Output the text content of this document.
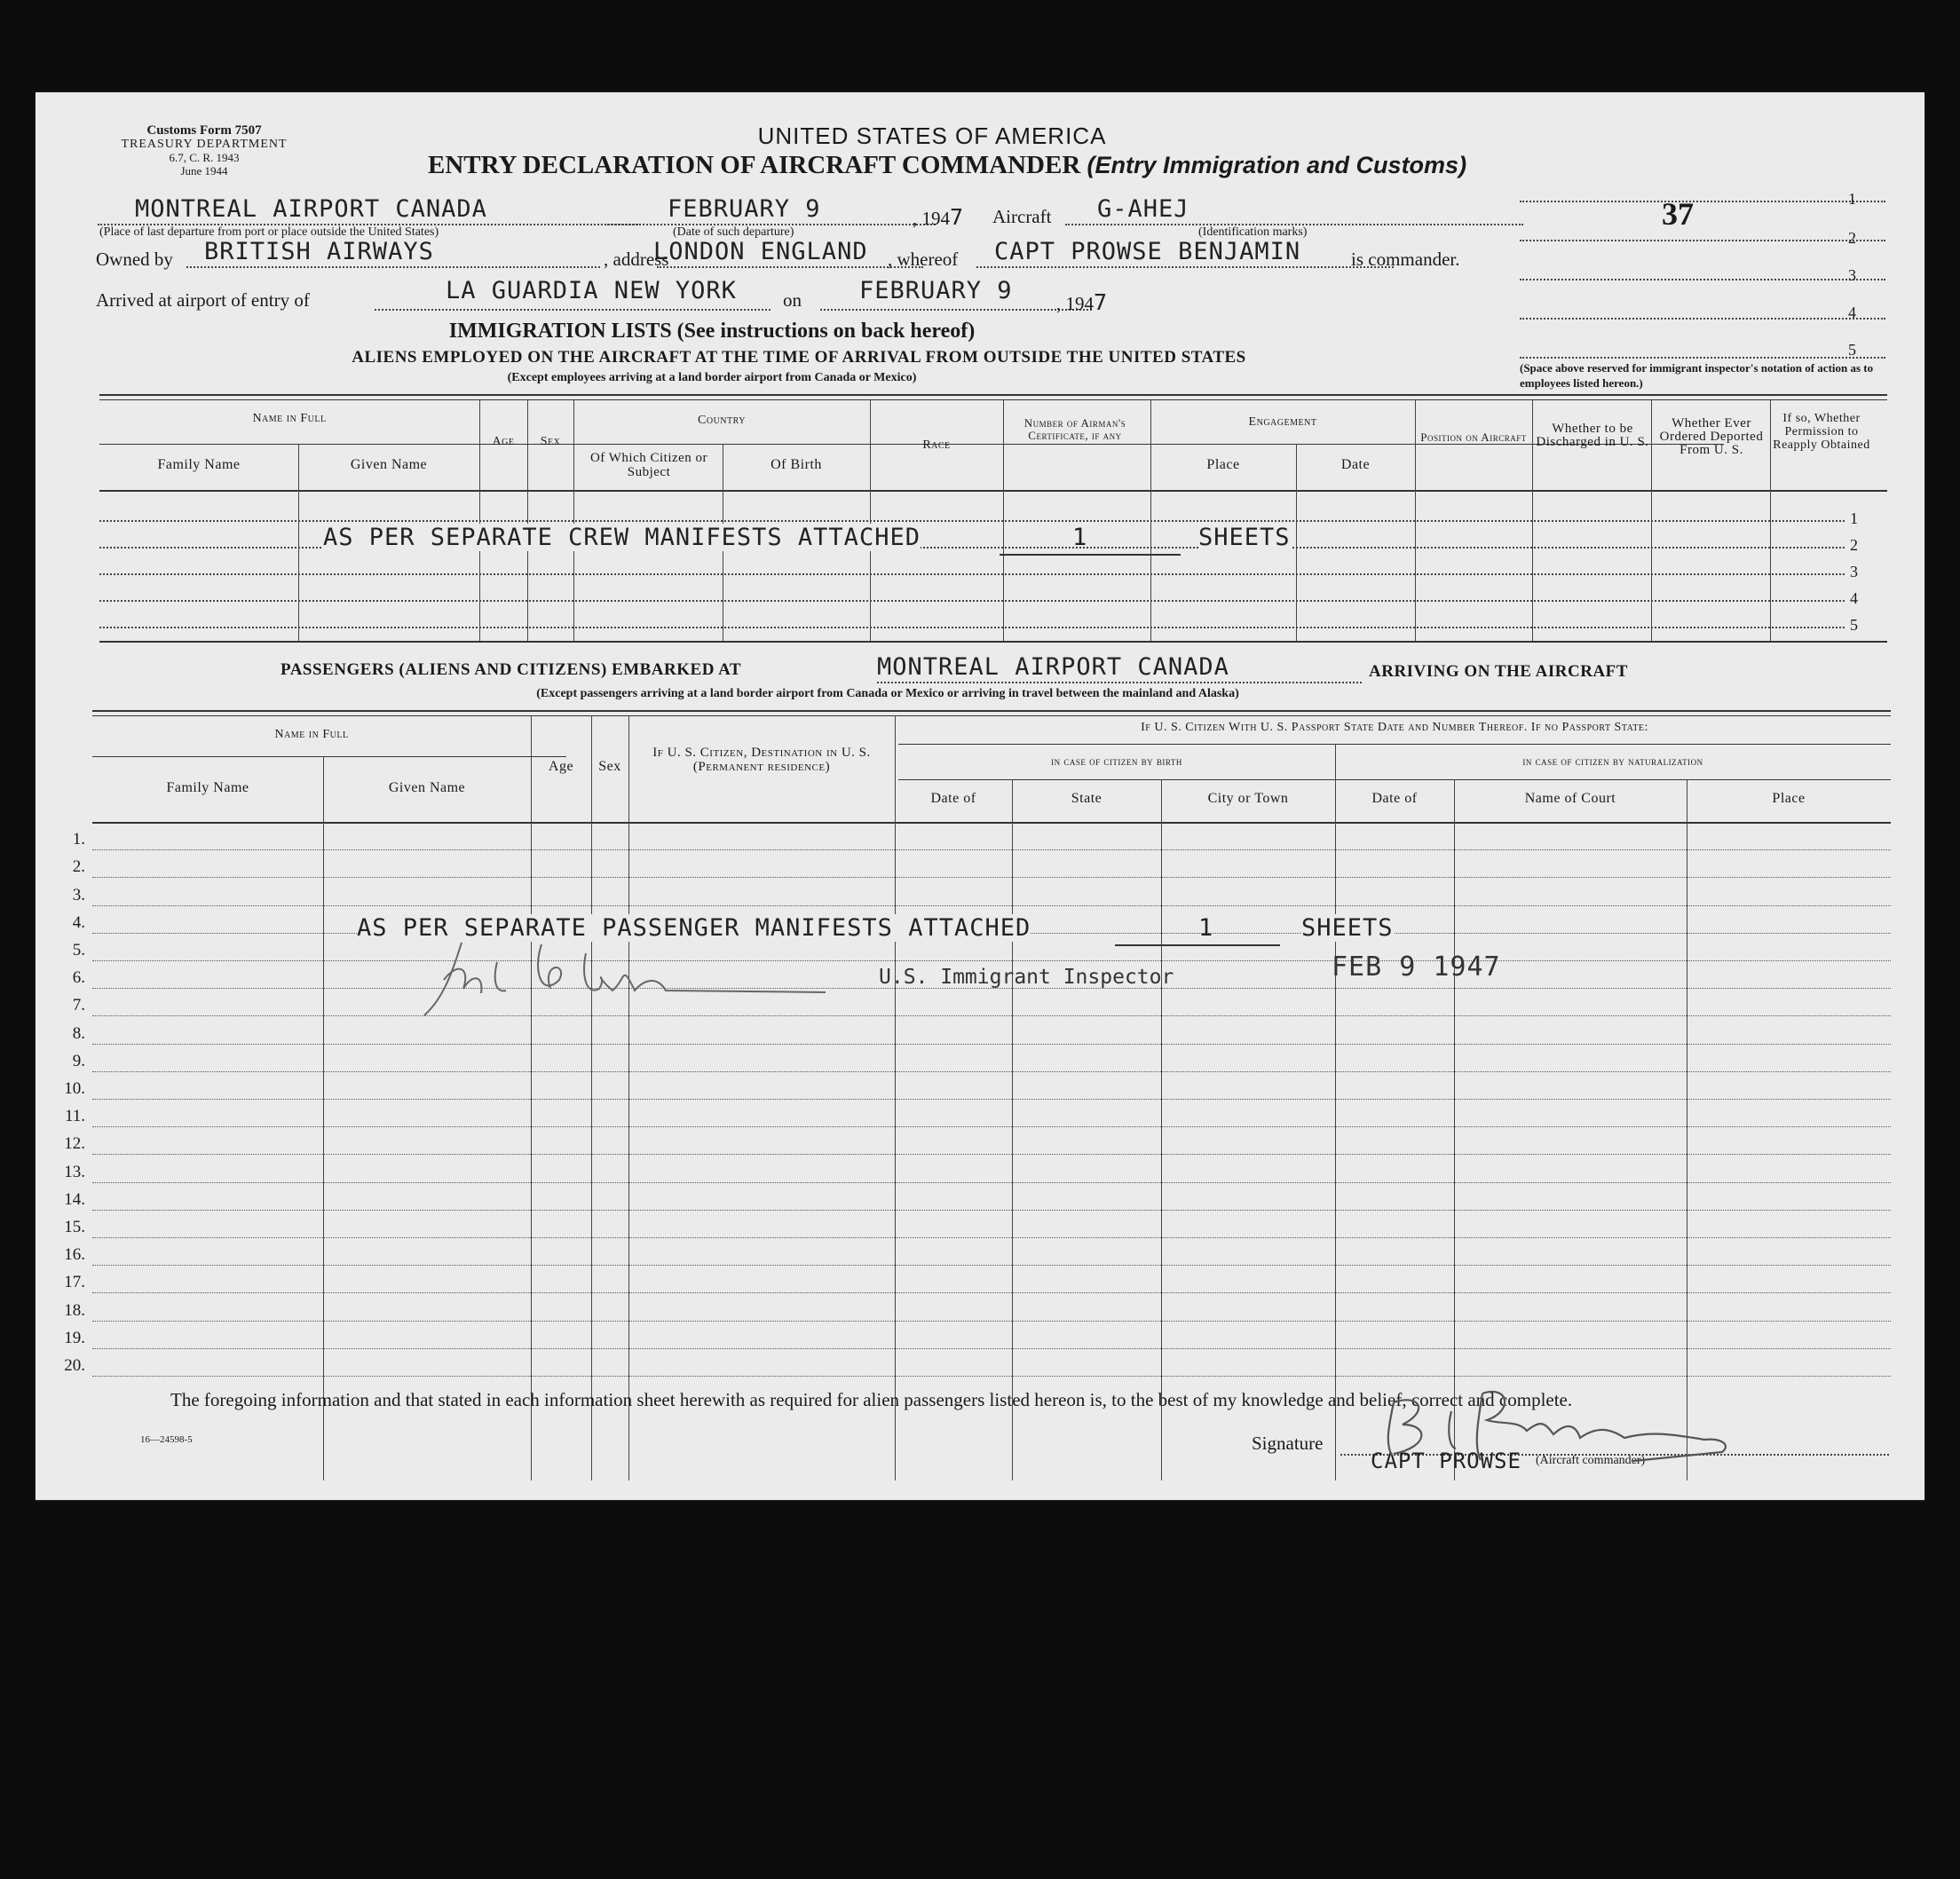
Customs Form 7507
TREASURY DEPARTMENT
6.7, C. R. 1943
June 1944
UNITED STATES OF AMERICA
ENTRY DECLARATION OF AIRCRAFT COMMANDER (Entry Immigration and Customs)
MONTREAL AIRPORT CANADA
(Place of last departure from port or place outside the United States)
FEBRUARY 9
(Date of such departure)
, 1947 Aircraft G-AHEJ
(Identification marks)
Owned by BRITISH AIRWAYS	, address
LONDON ENGLAND , whereof CAPT PROWSE BENJAMIN	is commander.
Arrived at airport of entry of	LA GUARDIA NEW YORK on FEBRUARY 9 , 1947
37	1
2
3
4
5
(Space above reserved for immigrant inspector's notation of action as to employees listed hereon.)
IMMIGRATION LISTS (See instructions on back hereof)
ALIENS EMPLOYED ON THE AIRCRAFT AT THE TIME OF ARRIVAL FROM OUTSIDE THE UNITED STATES
(Except employees arriving at a land border airport from Canada or Mexico)
Name in Full
Family Name	Given Name
Age	Sex
Country
Of Which Citizen or Subject	Of Birth
Race
Number of Airman's Certificate, if any
Engagement
Place	Date
Position on Aircraft
Whether to be Discharged in U. S.
Whether Ever Ordered Deported From U. S.
If so, Whether Permission to Reapply Obtained
1
2
3
4
5
AS PER SEPARATE CREW MANIFESTS ATTACHED	1	SHEETS
PASSENGERS (ALIENS AND CITIZENS) EMBARKED AT	MONTREAL AIRPORT CANADA	ARRIVING ON THE AIRCRAFT
(Except passengers arriving at a land border airport from Canada or Mexico or arriving in travel between the mainland and Alaska)
Name in Full
Family Name	Given Name
Age	Sex
If U. S. Citizen, Destination in U. S. (Permanent residence)
If U. S. Citizen With U. S. Passport State Date and Number Thereof. If no Passport State:
in case of citizen by birth	in case of citizen by naturalization
Date of	State	City or Town	Date of	Name of Court	Place
1.
2.
3.
4.
5.
6.
7.
8.
9.
10.
11.
12.
13.
14.
15.
16.
17.
18.
19.
20.
AS PER SEPARATE PASSENGER MANIFESTS ATTACHED	1	SHEETS
U.S. Immigrant Inspector	FEB 9 1947
The foregoing information and that stated in each information sheet herewith as required for alien passengers listed hereon is, to the best of my knowledge and belief, correct and complete.
16—24598-5	Signature
(Aircraft commander)
CAPT PROWSE
